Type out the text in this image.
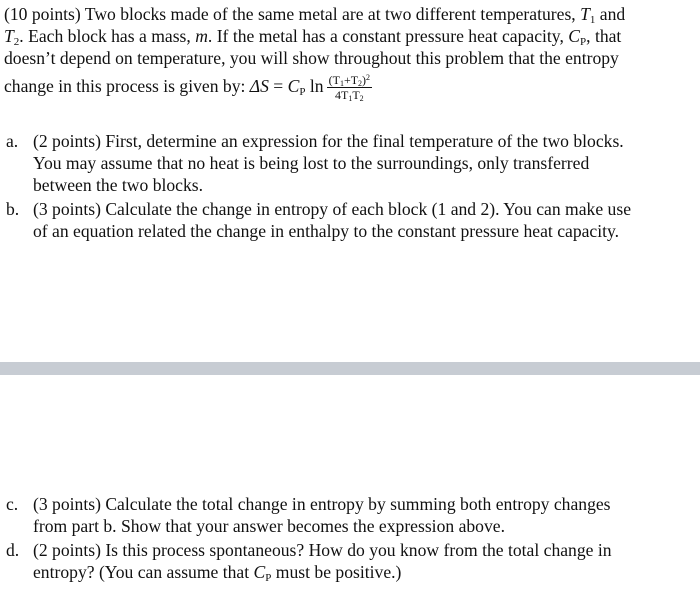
(10 points) Two blocks made of the same metal are at two different temperatures, $T_1$ and
$T_2$. Each block has a mass, m. If the metal has a constant pressure heat capacity, $C_P$, that
doesn’t depend on temperature, you will show throughout this problem that the entropy
change in this process is given by: $\Delta S = C_P$ $\ln \frac{(T_1+T_2)^2}{4T_1T_2}$
a. (2 points) First, determine an expression for the final temperature of the two blocks.
You may assume that no heat is being lost to the surroundings, only transferred
between the two blocks.
b. (3 points) Calculate the change in entropy of each block (1 and 2). You can make use
of an equation related the change in enthalpy to the constant pressure heat capacity.
c. (3 points) Calculate the total change in entropy by summing both entropy changes
from part b. Show that your answer becomes the expression above.
d. (2 points) Is this process spontaneous? How do you know from the total change in
entropy? (You can assume that $C_P$ must be positive.)
